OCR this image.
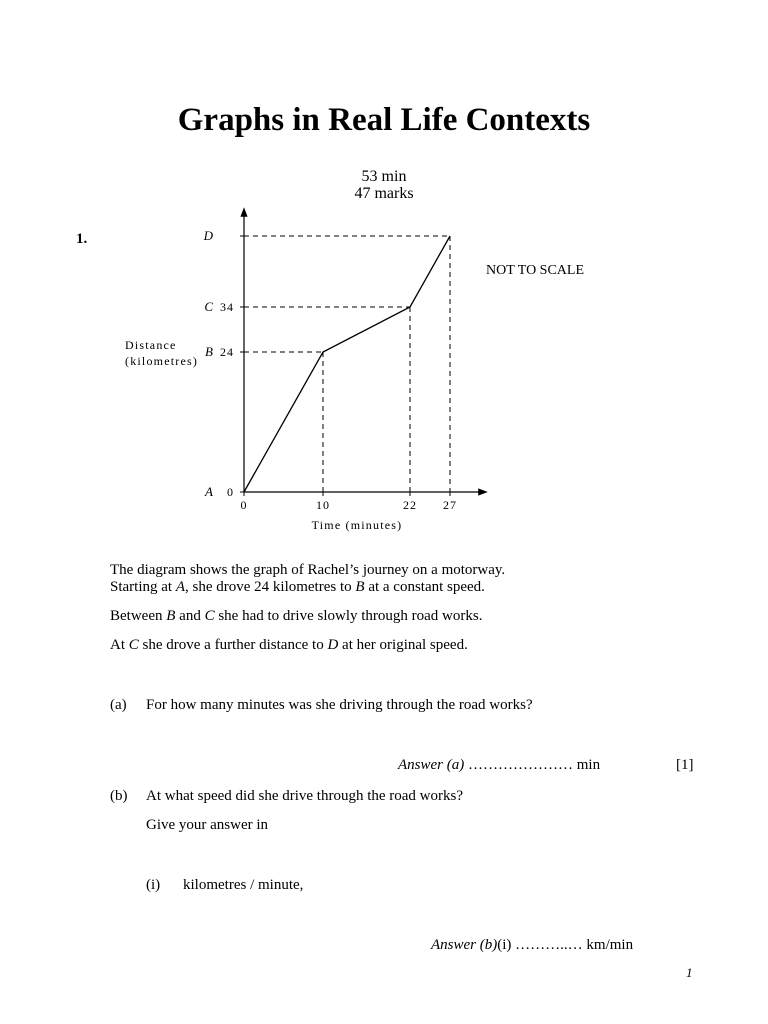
Graphs in Real Life Contexts
53 min
47 marks
1.
0
0
A
10
24
B
22
34
C
27
D
Time (minutes)
Distance
(kilometres)
NOT TO SCALE
The diagram shows the graph of Rachel’s journey on a motorway.
Starting at A, she drove 24 kilometres to B at a constant speed.
Between B and C she had to drive slowly through road works.
At C she drove a further distance to D at her original speed.
(a) For how many minutes was she driving through the road works?
Answer (a) ………………… min	[1]
(b) At what speed did she drive through the road works?
Give your answer in
(i) kilometres / minute,
Answer (b)(i) ………..… km/min
1
